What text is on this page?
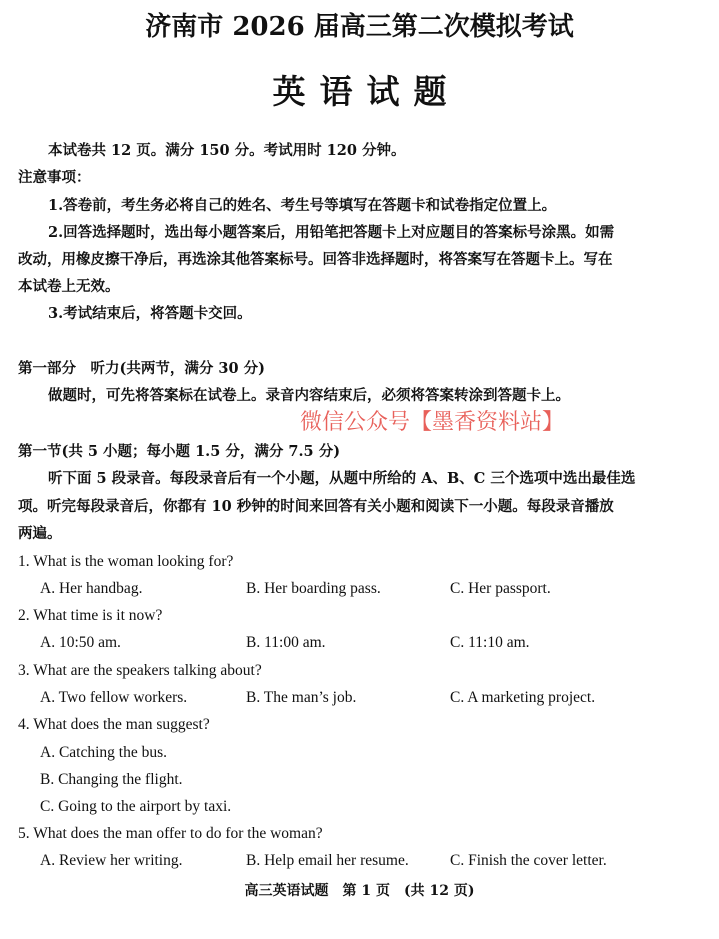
济南市 2026 届高三第二次模拟考试
英语试题
本试卷共 12 页。满分 150 分。考试用时 120 分钟。
注意事项：
1.答卷前，考生务必将自己的姓名、考生号等填写在答题卡和试卷指定位置上。
2.回答选择题时，选出每小题答案后，用铅笔把答题卡上对应题目的答案标号涂黑。如需
改动，用橡皮擦干净后，再选涂其他答案标号。回答非选择题时，将答案写在答题卡上。写在
本试卷上无效。
3.考试结束后，将答题卡交回。
第一部分　听力(共两节，满分 30 分)
做题时，可先将答案标在试卷上。录音内容结束后，必须将答案转涂到答题卡上。
微信公众号【墨香资料站】
第一节(共 5 小题；每小题 1.5 分，满分 7.5 分)
听下面 5 段录音。每段录音后有一个小题，从题中所给的 A、B、C 三个选项中选出最佳选
项。听完每段录音后，你都有 10 秒钟的时间来回答有关小题和阅读下一小题。每段录音播放
两遍。
1. What is the woman looking for?
A. Her handbag.	B. Her boarding pass.	C. Her passport.
2. What time is it now?
A. 10:50 am.	B. 11:00 am.	C. 11:10 am.
3. What are the speakers talking about?
A. Two fellow workers.	B. The man’s job.	C. A marketing project.
4. What does the man suggest?
A. Catching the bus.
B. Changing the flight.
C. Going to the airport by taxi.
5. What does the man offer to do for the woman?
A. Review her writing.	B. Help email her resume.	C. Finish the cover letter.
高三英语试题　第 1 页　(共 12 页)
